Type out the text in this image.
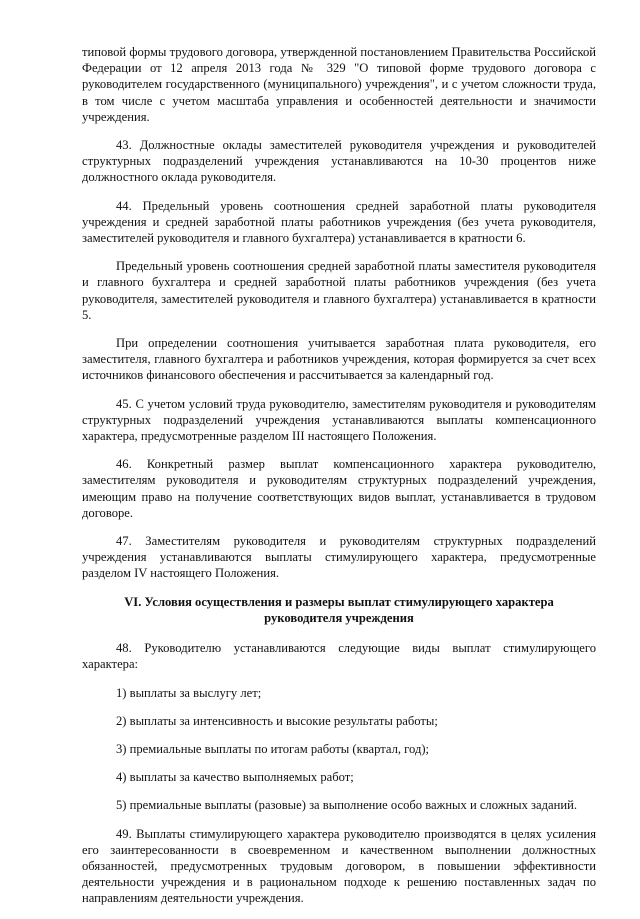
типовой формы трудового договора, утвержденной постановлением Правительства Российской Федерации от 12 апреля 2013 года № 329 "О типовой форме трудового договора с руководителем государственного (муниципального) учреждения", и с учетом сложности труда, в том числе с учетом масштаба управления и особенностей деятельности и значимости учреждения.

43. Должностные оклады заместителей руководителя учреждения и руководителей структурных подразделений учреждения устанавливаются на 10-30 процентов ниже должностного оклада руководителя.

44. Предельный уровень соотношения средней заработной платы руководителя учреждения и средней заработной платы работников учреждения (без учета руководителя, заместителей руководителя и главного бухгалтера) устанавливается в кратности 6.

Предельный уровень соотношения средней заработной платы заместителя руководителя и главного бухгалтера и средней заработной платы работников учреждения (без учета руководителя, заместителей руководителя и главного бухгалтера) устанавливается в кратности 5.

При определении соотношения учитывается заработная плата руководителя, его заместителя, главного бухгалтера и работников учреждения, которая формируется за счет всех источников финансового обеспечения и рассчитывается за календарный год.

45. С учетом условий труда руководителю, заместителям руководителя и руководителям структурных подразделений учреждения устанавливаются выплаты компенсационного характера, предусмотренные разделом III настоящего Положения.

46. Конкретный размер выплат компенсационного характера руководителю, заместителям руководителя и руководителям структурных подразделений учреждения, имеющим право на получение соответствующих видов выплат, устанавливается в трудовом договоре.

47. Заместителям руководителя и руководителям структурных подразделений учреждения устанавливаются выплаты стимулирующего характера, предусмотренные разделом IV настоящего Положения.

VI. Условия осуществления и размеры выплат стимулирующего характера
руководителя учреждения

48. Руководителю устанавливаются следующие виды выплат стимулирующего характера:

1) выплаты за выслугу лет;
2) выплаты за интенсивность и высокие результаты работы;
3) премиальные выплаты по итогам работы (квартал, год);
4) выплаты за качество выполняемых работ;
5) премиальные выплаты (разовые) за выполнение особо важных и сложных заданий.

49. Выплаты стимулирующего характера руководителю производятся в целях усиления его заинтересованности в своевременном и качественном выполнении должностных обязанностей, предусмотренных трудовым договором, в повышении эффективности деятельности учреждения и в рациональном подходе к решению поставленных задач по направлениям деятельности учреждения.
